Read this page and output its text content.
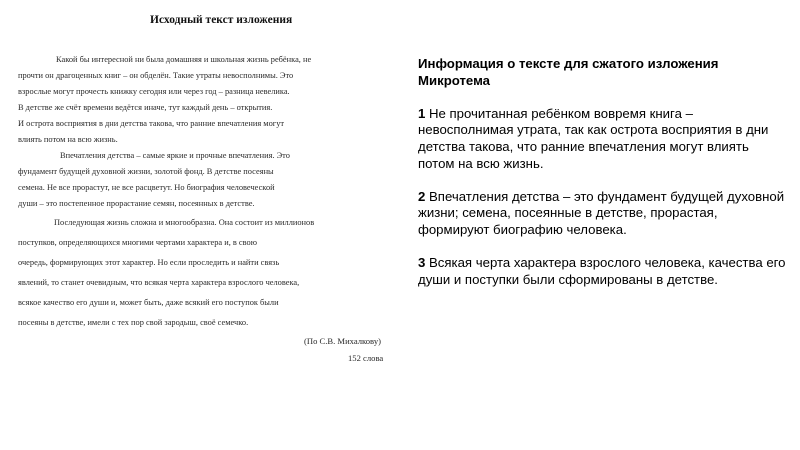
Исходный текст изложения
Какой бы интересной ни была домашняя и школьная жизнь ребёнка, не
прочти он драгоценных книг – он обделён. Такие утраты невосполнимы. Это
взрослые могут прочесть книжку сегодня или через год – разница невелика.
В детстве же счёт времени ведётся иначе, тут каждый день – открытия.
И острота восприятия в дни детства такова, что ранние впечатления могут
влиять потом на всю жизнь.
Впечатления детства – самые яркие и прочные впечатления. Это
фундамент будущей духовной жизни, золотой фонд. В детстве посеяны
семена. Не все прорастут, не все расцветут. Но биография человеческой
души – это постепенное прорастание семян, посеянных в детстве.
Последующая жизнь сложна и многообразна. Она состоит из миллионов
поступков, определяющихся многими чертами характера и, в свою
очередь, формирующих этот характер. Но если проследить и найти связь
явлений, то станет очевидным, что всякая черта характера взрослого человека,
всякое качество его души и, может быть, даже всякий его поступок были
посеяны в детстве, имели с тех пор свой зародыш, своё семечко.
(По С.В. Михалкову)
152 слова
Информация о тексте для сжатого изложения
Микротема
1 Не прочитанная ребёнком вовремя книга – невосполнимая утрата, так как острота восприятия в дни детства такова, что ранние впечатления могут влиять потом на всю жизнь.
2 Впечатления детства – это фундамент будущей духовной жизни; семена, посеянные в детстве, прорастая, формируют биографию человека.
3 Всякая черта характера взрослого человека, качества его души и поступки были сформированы в детстве.
